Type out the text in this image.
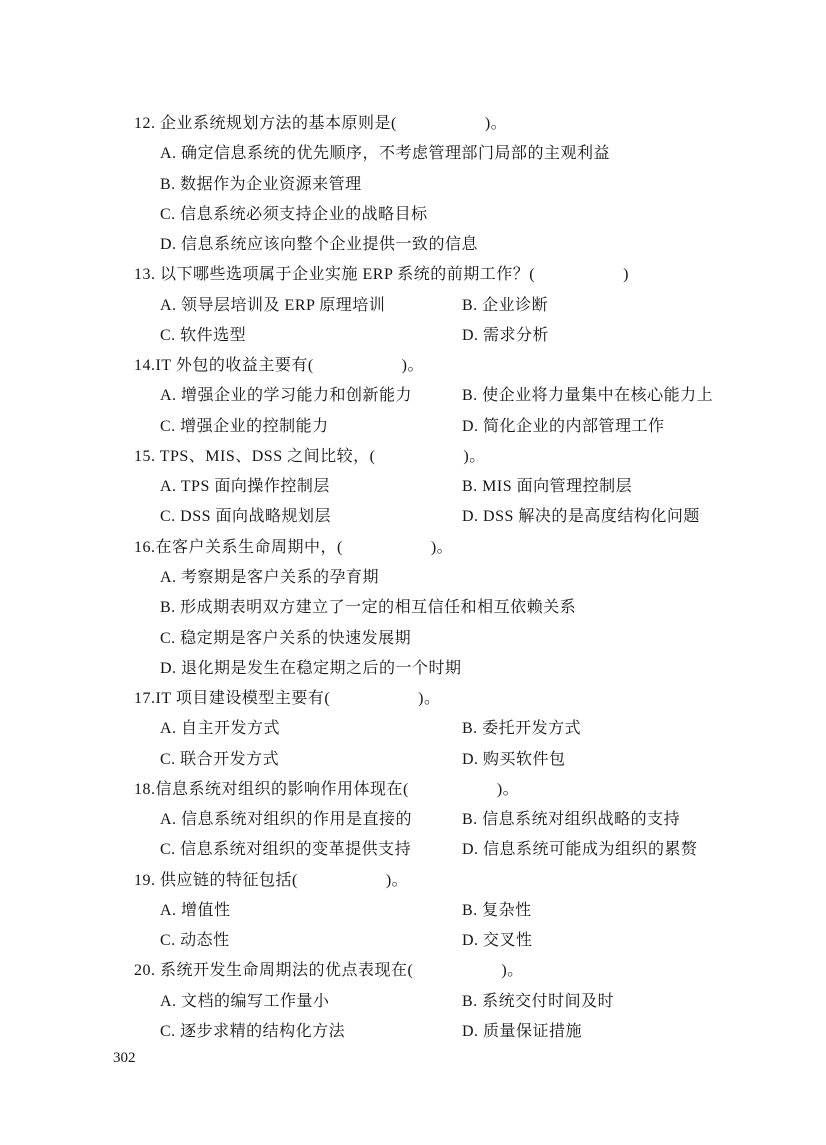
12. 企业系统规划方法的基本原则是(	)。
A. 确定信息系统的优先顺序，不考虑管理部门局部的主观利益
B. 数据作为企业资源来管理
C. 信息系统必须支持企业的战略目标
D. 信息系统应该向整个企业提供一致的信息
13. 以下哪些选项属于企业实施 ERP 系统的前期工作？(	)
A. 领导层培训及 ERP 原理培训	B. 企业诊断
C. 软件选型	D. 需求分析
14.IT 外包的收益主要有(	)。
A. 增强企业的学习能力和创新能力	B. 使企业将力量集中在核心能力上
C. 增强企业的控制能力	D. 简化企业的内部管理工作
15. TPS、MIS、DSS 之间比较，(	)。
A. TPS 面向操作控制层	B. MIS 面向管理控制层
C. DSS 面向战略规划层	D. DSS 解决的是高度结构化问题
16.在客户关系生命周期中，(	)。
A. 考察期是客户关系的孕育期
B. 形成期表明双方建立了一定的相互信任和相互依赖关系
C. 稳定期是客户关系的快速发展期
D. 退化期是发生在稳定期之后的一个时期
17.IT 项目建设模型主要有(	)。
A. 自主开发方式	B. 委托开发方式
C. 联合开发方式	D. 购买软件包
18.信息系统对组织的影响作用体现在(	)。
A. 信息系统对组织的作用是直接的	B. 信息系统对组织战略的支持
C. 信息系统对组织的变革提供支持	D. 信息系统可能成为组织的累赘
19. 供应链的特征包括(	)。
A. 增值性	B. 复杂性
C. 动态性	D. 交叉性
20. 系统开发生命周期法的优点表现在(	)。
A. 文档的编写工作量小	B. 系统交付时间及时
C. 逐步求精的结构化方法	D. 质量保证措施
302
